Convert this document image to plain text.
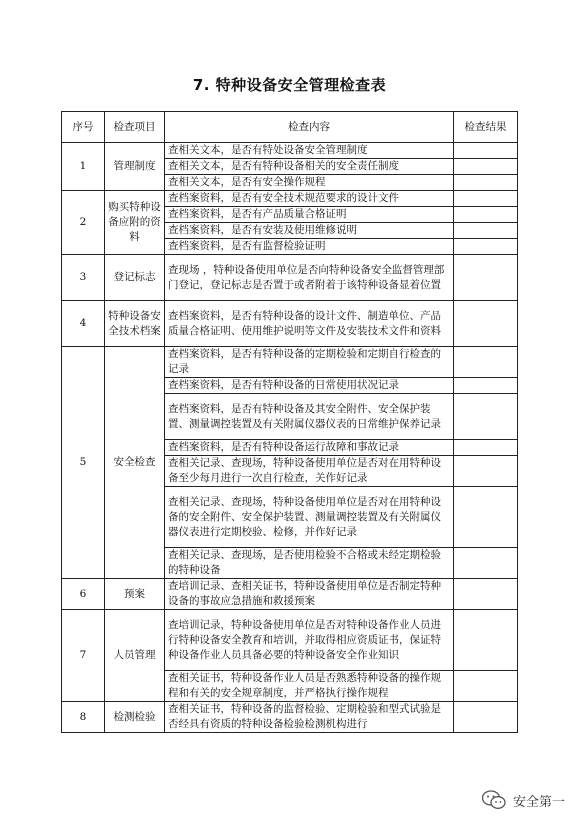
7. 特种设备安全管理检查表
序号	检查项目	检查内容	检查结果
1	管理制度	查相关文本，是否有特处设备安全管理制度	
		查相关文本，是否有特种设备相关的安全责任制度	
		查相关文本，是否有安全操作规程	
2	购买特种设备应附的资料	查档案资料，是否有安全技术规范要求的设计文件	
		查档案资料，是否有产品质量合格证明	
		查档案资料，是否有安装及使用维修说明	
		查档案资料，是否有监督检验证明	
3	登记标志	查现场 ，特种设备使用单位是否向特种设备安全监督管理部门登记，登记标志是否置于或者附着于该特种设备显着位置	
4	特种设备安全技术档案	查档案资料，是否有特种设备的设计文件、制造单位、产品质量合格证明、使用维护说明等文件及安装技术文件和资料	
5	安全检查	查档案资料，是否有特种设备的定期检验和定期自行检查的记录	
		查档案资料，是否有特种设备的日常使用状况记录	
		查档案资料，是否有特种设备及其安全附件、安全保护装置、测量调控装置及有关附属仪器仪表的日常维护保养记录	
		查档案资料，是否有特种设备运行故障和事故记录	
		查相关记录、查现场，特种设备使用单位是否对在用特种设备至少每月进行一次自行检查，关作好记录	
		查相关记录、查现场，特种设备使用单位是否对在用特种设备的安全附件、安全保护装置、测量调控装置及有关附属仪器仪表进行定期校验、检修，并作好记录	
		查相关记录、查现场，是否使用检验不合格或未经定期检验的特种设备	
6	预案	查培训记录、查相关证书，特种设备使用单位是否制定特种设备的事故应急措施和救援预案	
7	人员管理	查培训记录，特种设备使用单位是否对特种设备作业人员进行特种设备安全教育和培训，并取得相应资质证书，保证特种设备作业人员具备必要的特种设备安全作业知识	
		查相关证书，特种设备作业人员是否熟悉特种设备的操作规程和有关的安全规章制度，并严格执行操作规程	
8	检测检验	查相关证书，特种设备的监督检验、定期检验和型式试验是否经具有资质的特种设备检验检测机构进行	
安全第一
